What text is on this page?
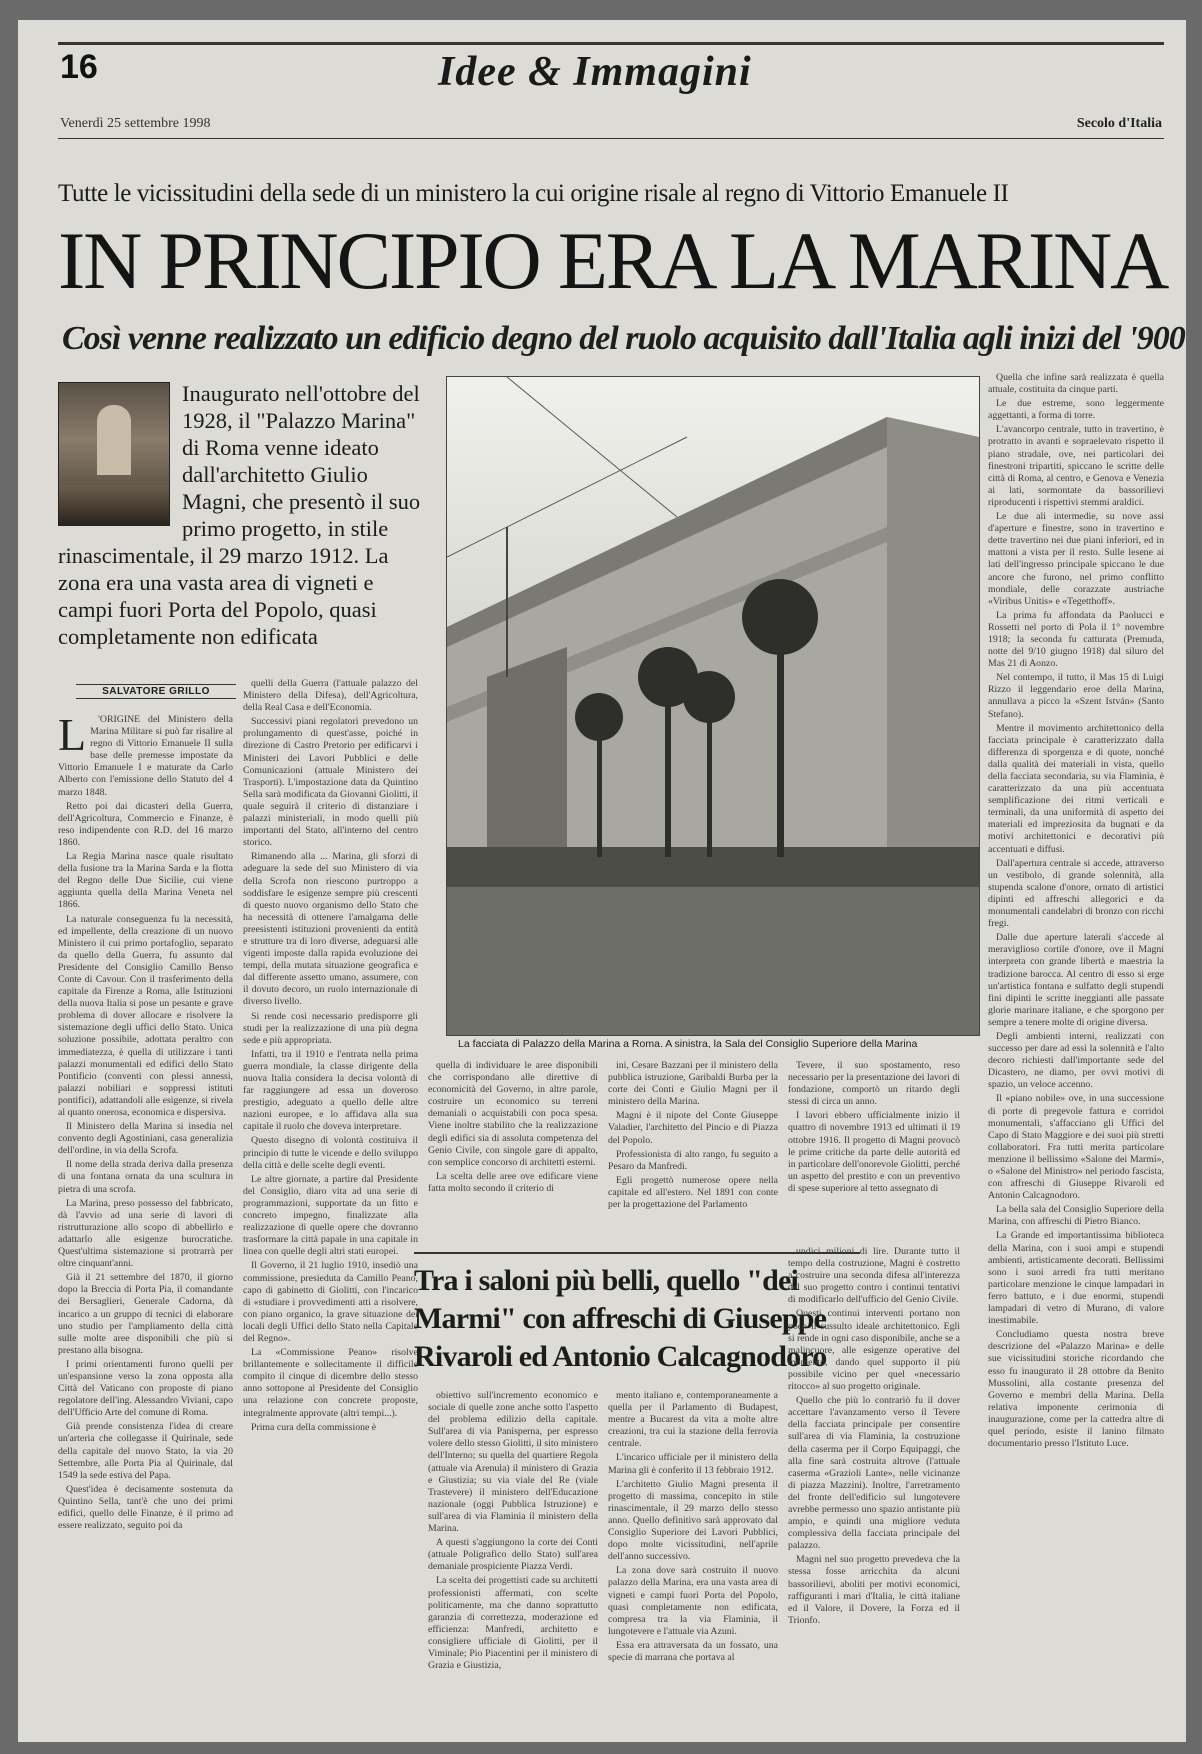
16	Idee & Immagini
Venerdì 25 settembre 1998	Secolo d'Italia
Tutte le vicissitudini della sede di un ministero la cui origine risale al regno di Vittorio Emanuele II
IN PRINCIPIO ERA LA MARINA
Così venne realizzato un edificio degno del ruolo acquisito dall'Italia agli inizi del '900
Inaugurato nell'ottobre del 1928, il "Palazzo Marina" di Roma venne ideato dall'architetto Giulio Magni, che presentò il suo primo progetto, in stile rinascimentale, il 29 marzo 1912. La zona era una vasta area di vigneti e campi fuori Porta del Popolo, quasi completamente non edificata
SALVATORE GRILLO
La facciata di Palazzo della Marina a Roma. A sinistra, la Sala del Consiglio Superiore della Marina
L	'ORIGINE del Ministero della Marina Militare si può far risalire al regno di Vittorio Emanuele II sulla base delle premesse impostate da Vittorio Emanuele I e maturate da Carlo Alberto con l'emissione dello Statuto del 4 marzo 1848.

Retto poi dai dicasteri della Guerra, dell'Agricoltura, Commercio e Finanze, è reso indipendente con R.D. del 16 marzo 1860.

La Regia Marina nasce quale risultato della fusione tra la Marina Sarda e la flotta del Regno delle Due Sicilie, cui viene aggiunta quella della Marina Veneta nel 1866.

La naturale conseguenza fu la necessità, ed impellente, della creazione di un nuovo Ministero il cui primo portafoglio, separato da quello della Guerra, fu assunto dal Presidente del Consiglio Camillo Benso Conte di Cavour. Con il trasferimento della capitale da Firenze a Roma, alle Istituzioni della nuova Italia si pose un pesante e grave problema di dover allocare e risolvere la sistemazione degli uffici dello Stato. Unica soluzione possibile, adottata peraltro con immediatezza, è quella di utilizzare i tanti palazzi monumentali ed edifici dello Stato Pontificio (conventi con plessi annessi, palazzi nobiliari e soppressi istituti pontifici), adattandoli alle esigenze, si rivela al quanto onerosa, economica e dispersiva.

Il Ministero della Marina si insedia nel convento degli Agostiniani, casa generalizia dell'ordine, in via della Scrofa.

Il nome della strada deriva dalla presenza di una fontana ornata da una scultura in pietra di una scrofa.

La Marina, preso possesso del fabbricato, dà l'avvio ad una serie di lavori di ristrutturazione allo scopo di abbellirlo e adattarlo alle esigenze burocratiche. Quest'ultima sistemazione si protrarrà per oltre cinquant'anni.

Già il 21 settembre del 1870, il giorno dopo la Breccia di Porta Pia, il comandante dei Bersaglieri, Generale Cadorna, dà incarico a un gruppo di tecnici di elaborare uno studio per l'ampliamento della città sulle molte aree disponibili che più si prestano alla bisogna.

I primi orientamenti furono quelli per un'espansione verso la zona opposta alla Città del Vaticano con proposte di piano regolatore dell'ing. Alessandro Viviani, capo dell'Ufficio Arte del comune di Roma.

Già prende consistenza l'idea di creare un'arteria che collegasse il Quirinale, sede della capitale del nuovo Stato, la via 20 Settembre, alle Porta Pia al Quirinale, dal 1549 la sede estiva del Papa.

Quest'idea è decisamente sostenuta da Quintino Sella, tant'è che uno dei primi edifici, quello delle Finanze, è il primo ad essere realizzato, seguito poi da

quelli della Guerra (l'attuale palazzo del Ministero della Difesa), dell'Agricoltura, della Real Casa e dell'Economia.

Successivi piani regolatori prevedono un prolungamento di quest'asse, poiché in direzione di Castro Pretorio per edificarvi i Ministeri dei Lavori Pubblici e delle Comunicazioni (attuale Ministero dei Trasporti). L'impostazione data da Quintino Sella sarà modificata da Giovanni Giolitti, il quale seguirà il criterio di distanziare i palazzi ministeriali, in modo quelli più importanti del Stato, all'interno del centro storico.

Rimanendo alla ... Marina, gli sforzi di adeguare la sede del suo Ministero di via della Scrofa non riescono purtroppo a soddisfare le esigenze sempre più crescenti di questo nuovo organismo dello Stato che ha necessità di ottenere l'amalgama delle preesistenti istituzioni provenienti da entità e strutture tra di loro diverse, adeguarsi alle vigenti imposte dalla rapida evoluzione dei tempi, della mutata situazione geografica e dal differente assetto umano, assumere, con il dovuto decoro, un ruolo internazionale di diverso livello.

Si rende così necessario predisporre gli studi per la realizzazione di una più degna sede e più appropriata.

Infatti, tra il 1910 e l'entrata nella prima guerra mondiale, la classe dirigente della nuova Italia considera la decisa volontà di far raggiungere ad essa un doveroso prestigio, adeguato a quello delle altre nazioni europee, e lo affidava alla sua capitale il ruolo che doveva interpretare.

Questo disegno di volontà costituiva il principio di tutte le vicende e dello sviluppo della città e delle scelte degli eventi.

Le altre giornate, a partire dal Presidente del Consiglio, diaro vita ad una serie di programmazioni, supportate da un fitto e concreto impegno, finalizzate alla realizzazione di quelle opere che dovranno trasformare la città papale in una capitale in linea con quelle degli altri stati europei.

Il Governo, il 21 luglio 1910, insediò una commissione, presieduta da Camillo Peano, capo di gabinetto di Giolitti, con l'incarico di «studiare i provvedimenti atti a risolvere, con piano organico, la grave situazione dei locali degli Uffici dello Stato nella Capitale del Regno».

La «Commissione Peano» risolve brillantemente e sollecitamente il difficile compito il cinque di dicembre dello stesso anno sottopone al Presidente del Consiglio una relazione con concrete proposte, integralmente approvate (altri tempi...).

Prima cura della commissione è

quella di individuare le aree disponibili che corrispondano alle direttive di economicità del Governo, in altre parole, costruire un economico su terreni demaniali o acquistabili con poca spesa. Viene inoltre stabilito che la realizzazione degli edifici sia di assoluta competenza del Genio Civile, con singole gare di appalto, con semplice concorso di architetti esterni.

La scelta delle aree ove edificare viene fatta molto secondo il criterio di

ini, Cesare Bazzani per il ministero della pubblica istruzione, Garibaldi Burba per la corte dei Conti e Giulio Magni per il ministero della Marina.

Magni è il nipote del Conte Giuseppe Valadier, l'architetto del Pincio e di Piazza del Popolo.

Professionista di alto rango, fu seguito a Pesaro da Manfredi.

Egli progettò numerose opere nella capitale ed all'estero. Nel 1891 con conte per la progettazione del Parlamento

Tevere, il suo spostamento, reso necessario per la presentazione dei lavori di fondazione, comportò un ritardo degli stessi di circa un anno.

I lavori ebbero ufficialmente inizio il quattro di novembre 1913 ed ultimati il 19 ottobre 1916. Il progetto di Magni provocò le prime critiche da parte delle autorità ed in particolare dell'onorevole Giolitti, perché un aspetto del prestito e con un preventivo di spese superiore al tetto assegnato di

Quella che infine sarà realizzata è quella attuale, costituita da cinque parti.

Le due estreme, sono leggermente aggettanti, a forma di torre.

L'avancorpo centrale, tutto in travertino, è protratto in avanti e sopraelevato rispetto il piano stradale, ove, nei particolari dei finestroni tripartiti, spiccano le scritte delle città di Roma, al centro, e Genova e Venezia ai lati, sormontate da bassorilievi riproducenti i rispettivi stemmi araldici.

Le due ali intermedie, su nove assi d'aperture e finestre, sono in travertino e dette travertino nei due piani inferiori, ed in mattoni a vista per il resto. Sulle lesene ai lati dell'ingresso principale spiccano le due ancore che furono, nel primo conflitto mondiale, delle corazzate austriache «Viribus Unitis» e «Tegetthoff».

La prima fu affondata da Paolucci e Rossetti nel porto di Pola il 1° novembre 1918; la seconda fu catturata (Premuda, notte del 9/10 giugno 1918) dal siluro del Mas 21 di Aonzo.

Nel contempo, il tutto, il Mas 15 di Luigi Rizzo il leggendario eroe della Marina, annullava a picco la «Szent István» (Santo Stefano).

Mentre il movimento architettonico della facciata principale è caratterizzato dalla differenza di sporgenza e di quote, nonché dalla qualità dei materiali in vista, quello della facciata secondaria, su via Flaminia, è caratterizzato da una più accentuata semplificazione dei ritmi verticali e terminali, da una uniformità di aspetto dei materiali ed impreziosita da bugnati e da motivi architettonici e decorativi più accentuati e diffusi.

Dall'apertura centrale si accede, attraverso un vestibolo, di grande solennità, alla stupenda scalone d'onore, ornato di artistici dipinti ed affreschi allegorici e da monumentali candelabri di bronzo con ricchi fregi.

Dalle due aperture laterali s'accede al meraviglioso cortile d'onore, ove il Magni interpreta con grande libertà e maestria la tradizione barocca. Al centro di esso si erge un'artistica fontana e sulfatto degli stupendi fini dipinti le scritte ineggianti alle passate glorie marinare italiane, e che sporgono per sempre a tenere molte di origine diversa.

Degli ambienti interni, realizzati con successo per dare ad essi la solennità e l'alto decoro richiesti dall'importante sede del Dicastero, ne diamo, per ovvi motivi di spazio, un veloce accenno.

Il «piano nobile» ove, in una successione di porte di pregevole fattura e corridoi monumentali, s'affacciano gli Uffici del Capo di Stato Maggiore e dei suoi più stretti collaboratori. Fra tutti merita particolare menzione il bellissimo «Salone dei Marmi», o «Salone del Ministro» nel periodo fascista, con affreschi di Giuseppe Rivaroli ed Antonio Calcagnodoro.

La bella sala del Consiglio Superiore della Marina, con affreschi di Pietro Bianco.

La Grande ed importantissima biblioteca della Marina, con i suoi ampi e stupendi ambienti, artisticamente decorati. Bellissimi sono i suoi arredi fra tutti meritano particolare menzione le cinque lampadari in ferro battuto, e i due enormi, stupendi lampadari di vetro di Murano, di valore inestimabile.

Concludiamo questa nostra breve descrizione del «Palazzo Marina» e delle sue vicissitudini storiche ricordando che esso fu inaugurato il 28 ottobre da Benito Mussolini, alla costante presenza del Governo e membri della Marina. Della relativa imponente cerimonia di inaugurazione, come per la cattedra altre di quel periodo, esiste il lanino filmato documentario presso l'Istituto Luce.

Tra i saloni più belli, quello "dei Marmi" con affreschi di Giuseppe Rivaroli ed Antonio Calcagnodoro

obiettivo sull'incremento economico e sociale di quelle zone anche sotto l'aspetto del problema edilizio della capitale. Sull'area di via Panisperna, per espresso volere dello stesso Giolitti, il sito ministero dell'Interno; su quella del quartiere Regola (attuale via Arenula) il ministero di Grazia e Giustizia; su via viale del Re (viale Trastevere) il ministero dell'Educazione nazionale (oggi Pubblica Istruzione) e sull'area di via Flaminia il ministero della Marina.

A questi s'aggiungono la corte dei Conti (attuale Poligrafico dello Stato) sull'area demaniale prospiciente Piazza Verdi.

La scelta dei progettisti cade su architetti professionisti affermati, con scelte politicamente, ma che danno soprattutto garanzia di correttezza, moderazione ed efficienza: Manfredi, architetto e consigliere ufficiale di Giolitti, per il Viminale; Pio Piacentini per il ministero di Grazia e Giustizia,

mento italiano e, contemporaneamente a quella per il Parlamento di Budapest, mentre a Bucarest da vita a molte altre creazioni, tra cui la stazione della ferrovia centrale.

L'incarico ufficiale per il ministero della Marina gli è conferito il 13 febbraio 1912.

L'architetto Giulio Magni presenta il progetto di massima, concepito in stile rinascimentale, il 29 marzo dello stesso anno. Quello definitivo sarà approvato dal Consiglio Superiore dei Lavori Pubblici, dopo molte vicissitudini, nell'aprile dell'anno successivo.

La zona dove sarà costruito il nuovo palazzo della Marina, era una vasta area di vigneti e campi fuori Porta del Popolo, quasi completamente non edificata, compresa tra la via Flaminia, il lungotevere e l'attuale via Azuni.

Essa era attraversata da un fossato, una specie di marrana che portava al

undici milioni di lire. Durante tutto il tempo della costruzione, Magni è costretto a costruire una seconda difesa all'interezza del suo progetto contro i continui tentativi di modificarlo dell'ufficio del Genio Civile.

Questi continui interventi portano non poco il sussulto ideale architettonico. Egli si rende in ogni caso disponibile, anche se a malincuore, alle esigenze operative del momento, dando quel supporto il più possibile vicino per quel «necessario ritocco» al suo progetto originale.

Quello che più lo contrariò fu il dover accettare l'avanzamento verso il Tevere della facciata principale per consentire sull'area di via Flaminia, la costruzione della caserma per il Corpo Equipaggi, che alla fine sarà costruita altrove (l'attuale caserma «Grazioli Lante», nelle vicinanze di piazza Mazzini). Inoltre, l'arretramento del fronte dell'edificio sul lungotevere avrebbe permesso uno spazio antistante più ampio, e quindi una migliore veduta complessiva della facciata principale del palazzo.

Magni nel suo progetto prevedeva che la stessa fosse arricchita da alcuni bassorilievi, aboliti per motivi economici, raffiguranti i mari d'Italia, le città italiane ed il Valore, il Dovere, la Forza ed il Trionfo.
